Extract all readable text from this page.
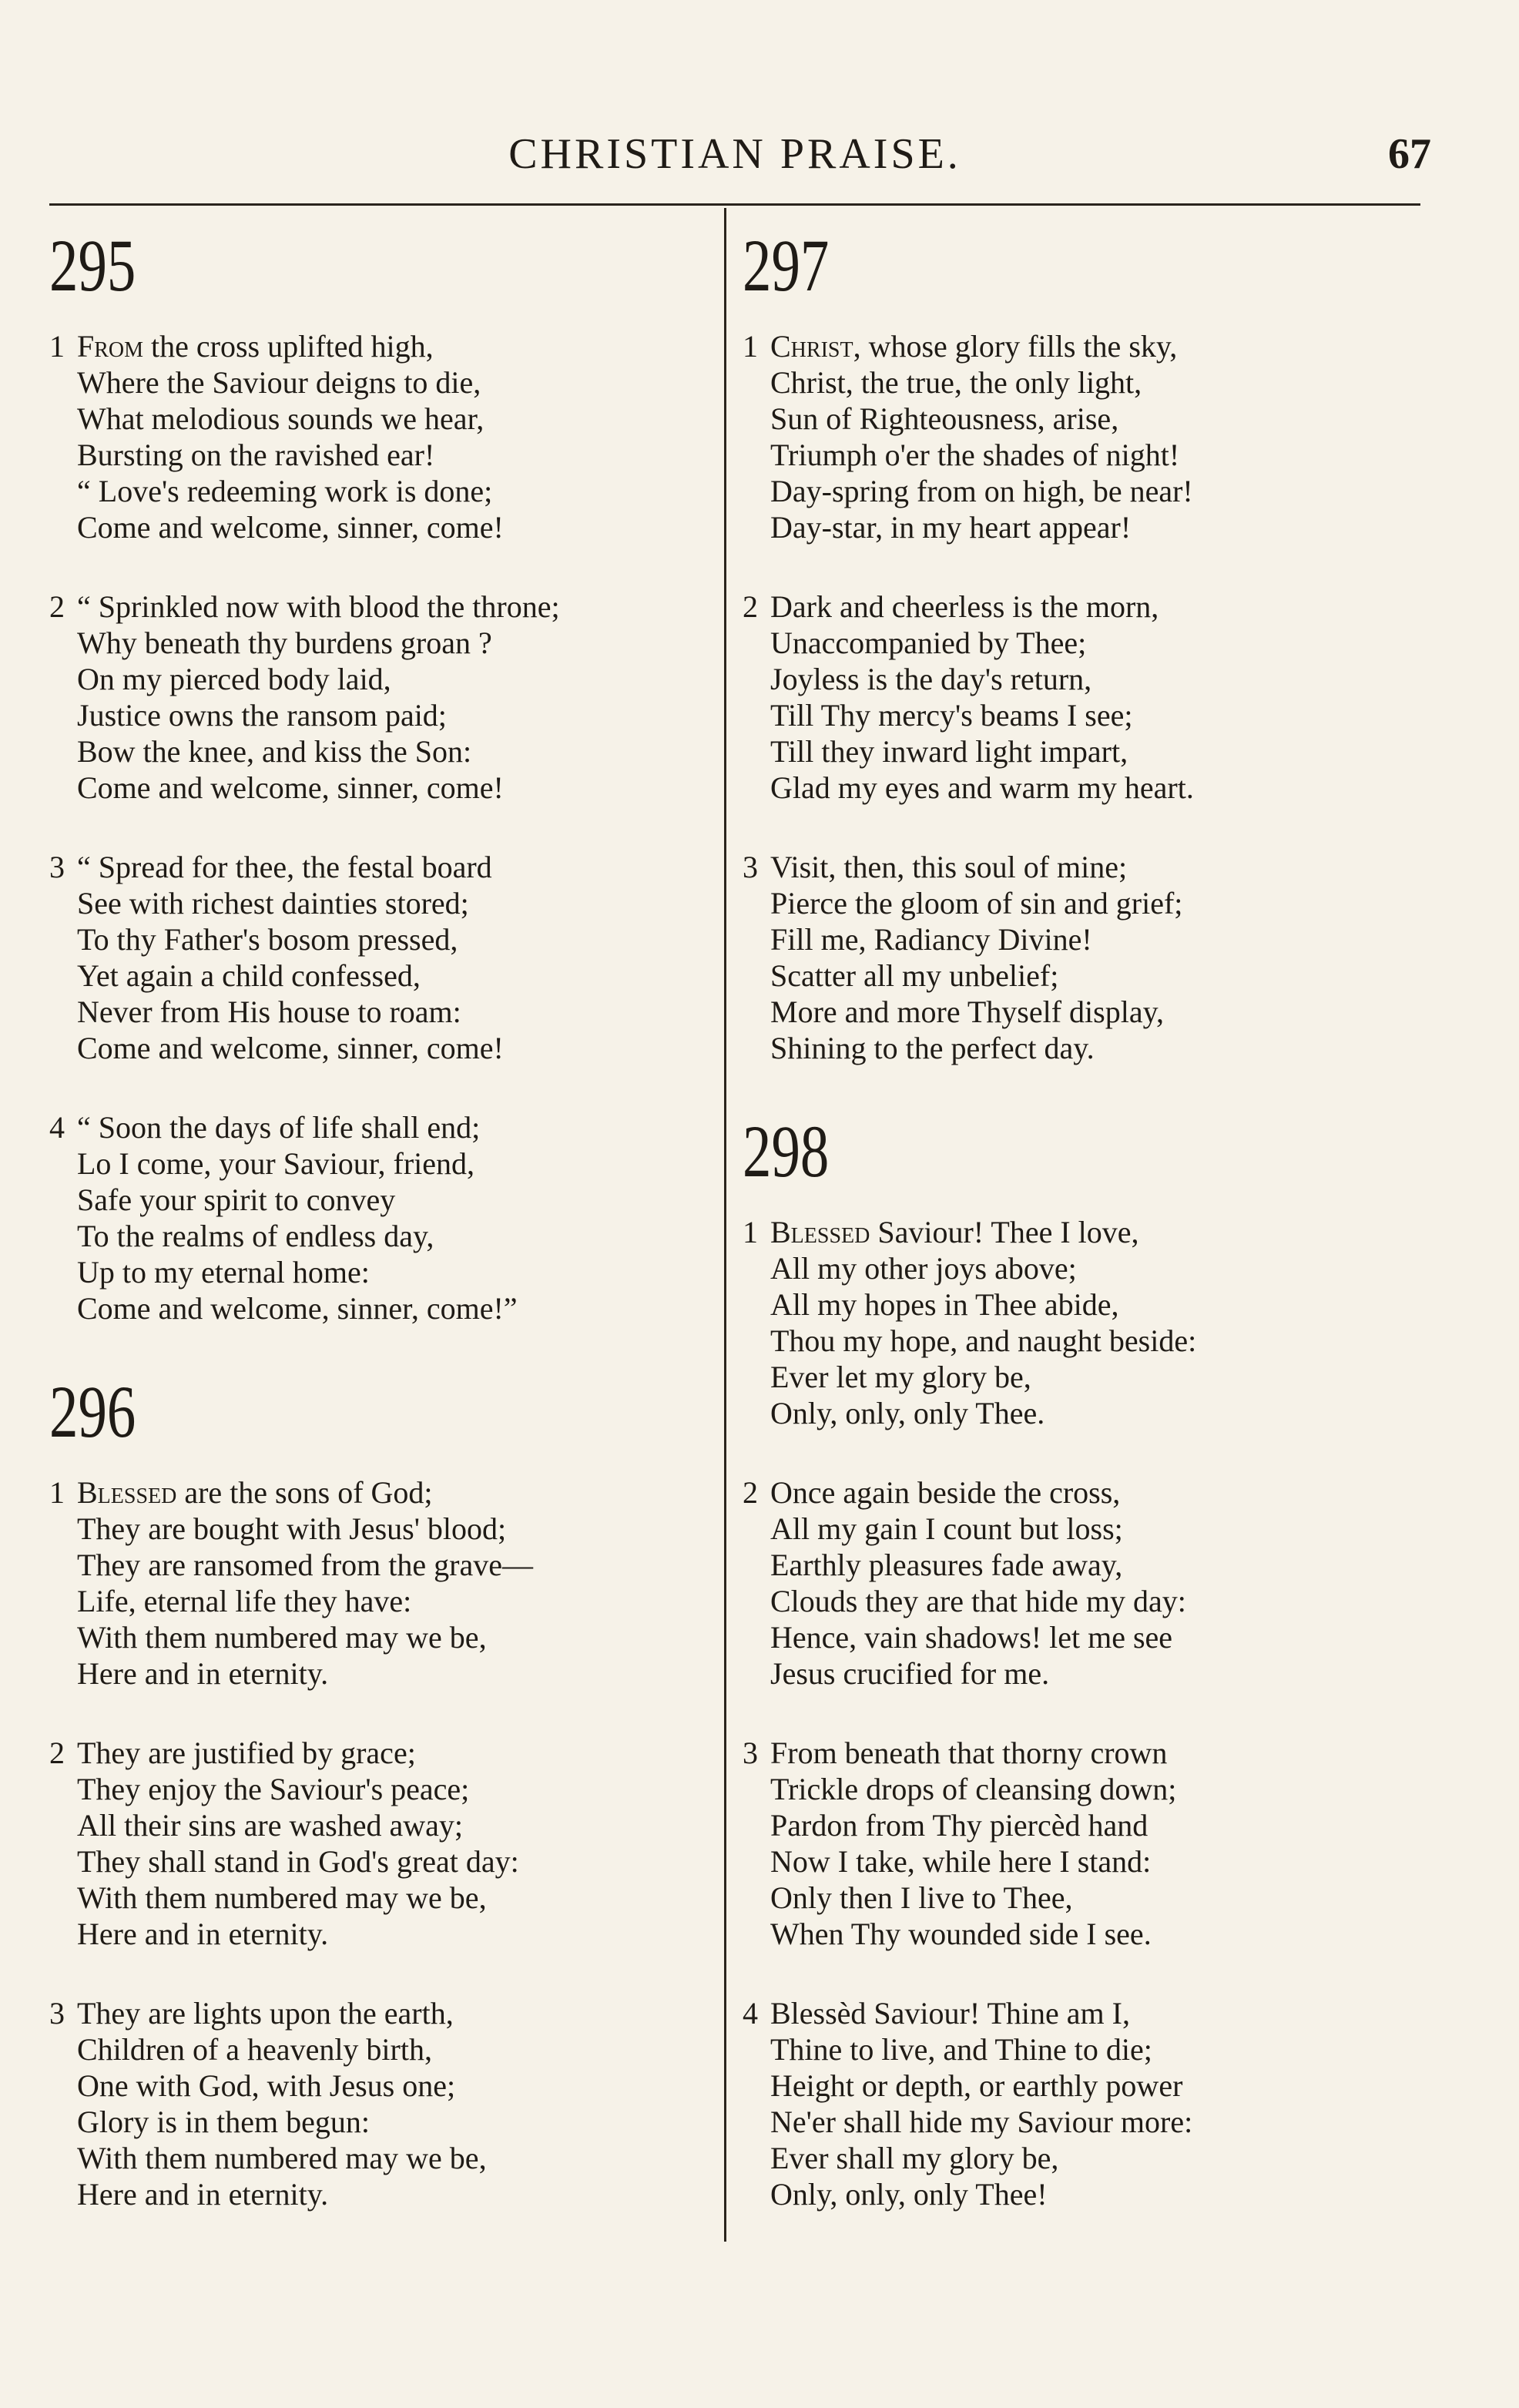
CHRISTIAN PRAISE.	67
295
1 From the cross uplifted high,
Where the Saviour deigns to die,
What melodious sounds we hear,
Bursting on the ravished ear!
“ Love's redeeming work is done;
Come and welcome, sinner, come!
2 “ Sprinkled now with blood the throne;
Why beneath thy burdens groan ?
On my pierced body laid,
Justice owns the ransom paid;
Bow the knee, and kiss the Son:
Come and welcome, sinner, come!
3 “ Spread for thee, the festal board
See with richest dainties stored;
To thy Father's bosom pressed,
Yet again a child confessed,
Never from His house to roam:
Come and welcome, sinner, come!
4 “ Soon the days of life shall end;
Lo I come, your Saviour, friend,
Safe your spirit to convey
To the realms of endless day,
Up to my eternal home:
Come and welcome, sinner, come!”
296
1 Blessed are the sons of God;
They are bought with Jesus' blood;
They are ransomed from the grave—
Life, eternal life they have:
With them numbered may we be,
Here and in eternity.
2 They are justified by grace;
They enjoy the Saviour's peace;
All their sins are washed away;
They shall stand in God's great day:
With them numbered may we be,
Here and in eternity.
3 They are lights upon the earth,
Children of a heavenly birth,
One with God, with Jesus one;
Glory is in them begun:
With them numbered may we be,
Here and in eternity.
297
1 Christ, whose glory fills the sky,
Christ, the true, the only light,
Sun of Righteousness, arise,
Triumph o'er the shades of night!
Day-spring from on high, be near!
Day-star, in my heart appear!
2 Dark and cheerless is the morn,
Unaccompanied by Thee;
Joyless is the day's return,
Till Thy mercy's beams I see;
Till they inward light impart,
Glad my eyes and warm my heart.
3 Visit, then, this soul of mine;
Pierce the gloom of sin and grief;
Fill me, Radiancy Divine!
Scatter all my unbelief;
More and more Thyself display,
Shining to the perfect day.
298
1 Blessed Saviour! Thee I love,
All my other joys above;
All my hopes in Thee abide,
Thou my hope, and naught beside:
Ever let my glory be,
Only, only, only Thee.
2 Once again beside the cross,
All my gain I count but loss;
Earthly pleasures fade away,
Clouds they are that hide my day:
Hence, vain shadows! let me see
Jesus crucified for me.
3 From beneath that thorny crown
Trickle drops of cleansing down;
Pardon from Thy piercèd hand
Now I take, while here I stand:
Only then I live to Thee,
When Thy wounded side I see.
4 Blessèd Saviour! Thine am I,
Thine to live, and Thine to die;
Height or depth, or earthly power
Ne'er shall hide my Saviour more:
Ever shall my glory be,
Only, only, only Thee!
